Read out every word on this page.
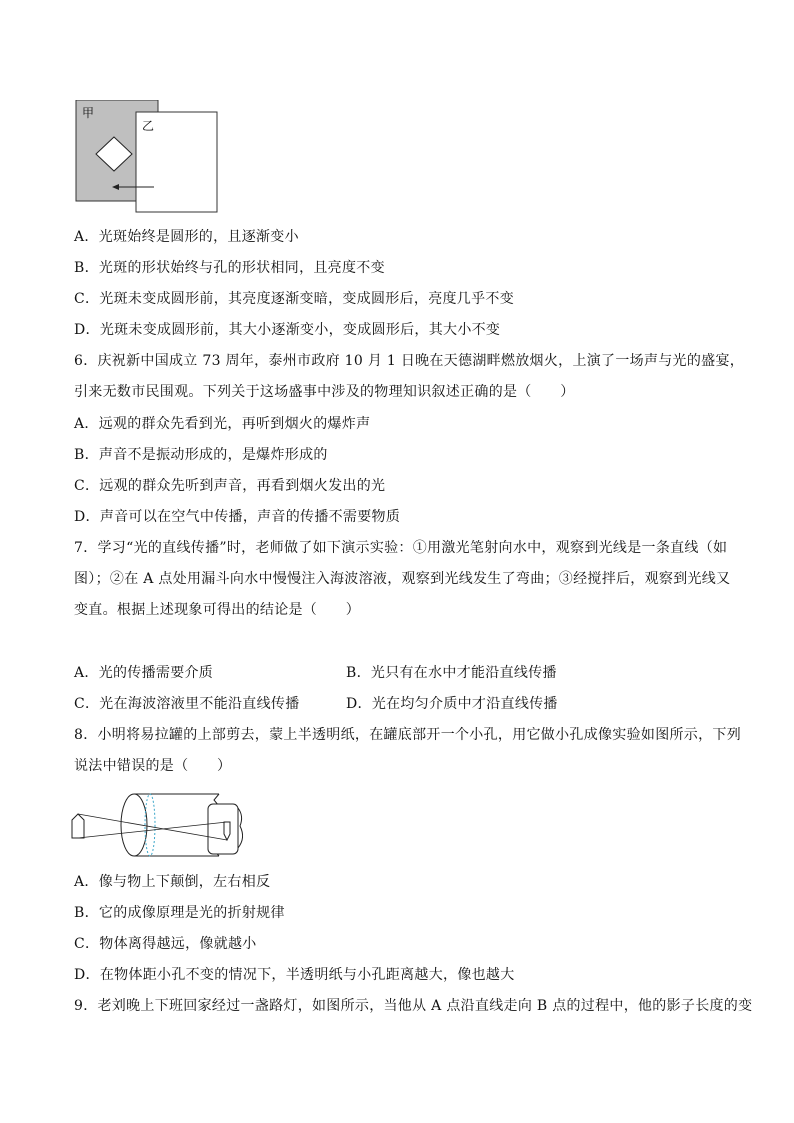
甲
乙
A．光斑始终是圆形的，且逐渐变小
B．光斑的形状始终与孔的形状相同，且亮度不变
C．光斑未变成圆形前，其亮度逐渐变暗，变成圆形后，亮度几乎不变
D．光斑未变成圆形前，其大小逐渐变小，变成圆形后，其大小不变
6．庆祝新中国成立 73 周年，泰州市政府 10 月 1 日晚在天德湖畔燃放烟火，上演了一场声与光的盛宴，
引来无数市民围观。下列关于这场盛事中涉及的物理知识叙述正确的是（　　）
A．远观的群众先看到光，再听到烟火的爆炸声
B．声音不是振动形成的，是爆炸形成的
C．远观的群众先听到声音，再看到烟火发出的光
D．声音可以在空气中传播，声音的传播不需要物质
7．学习“光的直线传播”时，老师做了如下演示实验：①用激光笔射向水中，观察到光线是一条直线（如
图）；②在 A 点处用漏斗向水中慢慢注入海波溶液，观察到光线发生了弯曲；③经搅拌后，观察到光线又
变直。根据上述现象可得出的结论是（　　）
A．光的传播需要介质	B．光只有在水中才能沿直线传播
C．光在海波溶液里不能沿直线传播	D．光在均匀介质中才沿直线传播
8．小明将易拉罐的上部剪去，蒙上半透明纸，在罐底部开一个小孔，用它做小孔成像实验如图所示，下列
说法中错误的是（　　）
A．像与物上下颠倒，左右相反
B．它的成像原理是光的折射规律
C．物体离得越远，像就越小
D．在物体距小孔不变的情况下，半透明纸与小孔距离越大，像也越大
9．老刘晚上下班回家经过一盏路灯，如图所示，当他从 A 点沿直线走向 B 点的过程中，他的影子长度的变
